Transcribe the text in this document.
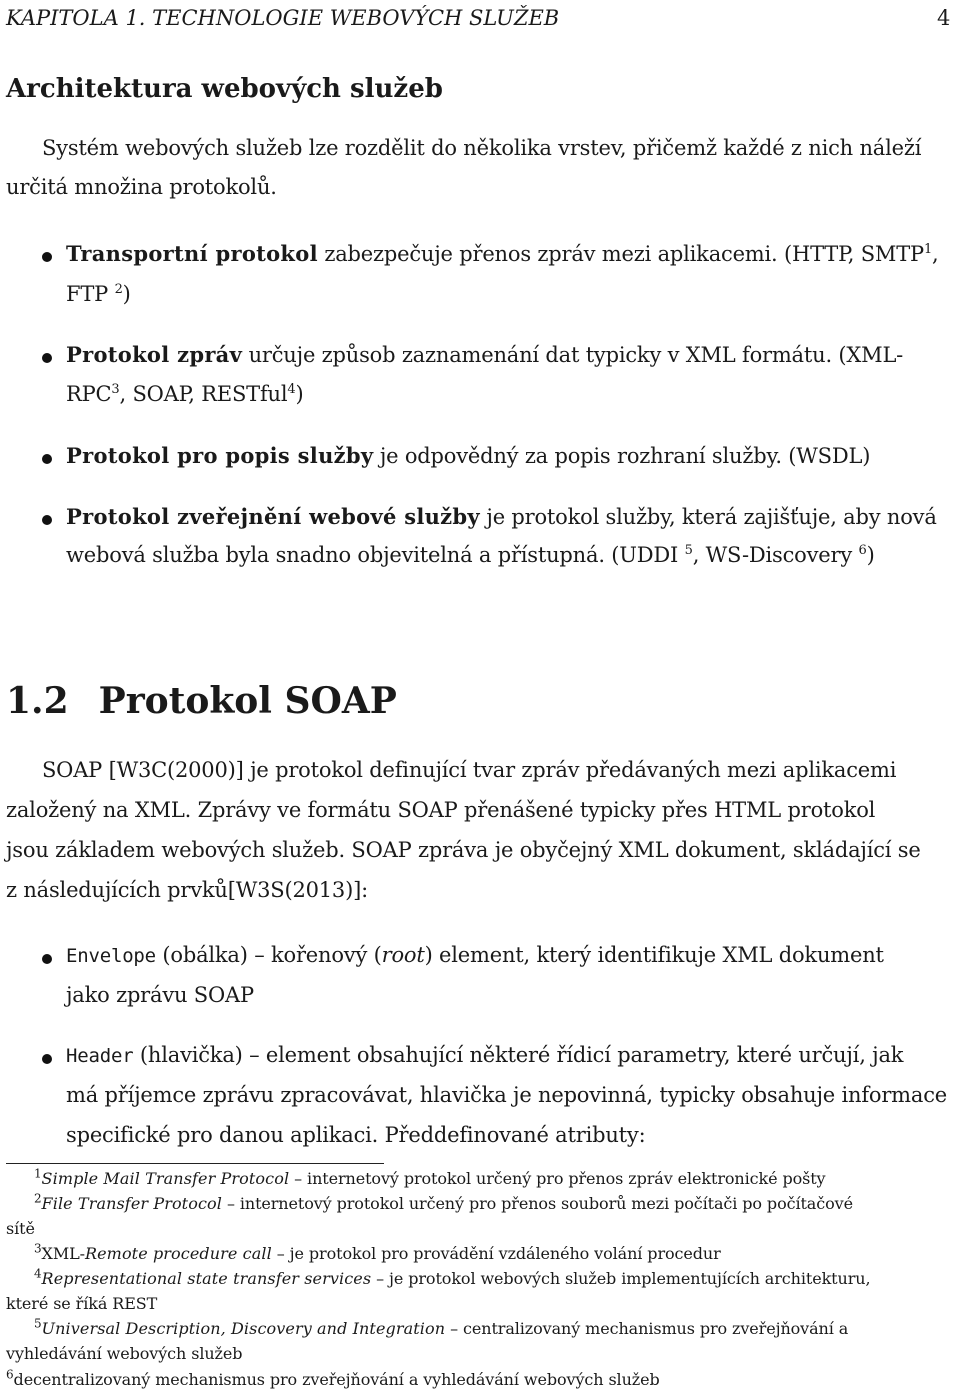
KAPITOLA 1. TECHNOLOGIE WEBOVÝCH SLUŽEB	4
Architektura webových služeb
Systém webových služeb lze rozdělit do několika vrstev, přičemž každé z nich náleží
určitá množina protokolů.
Transportní protokol zabezpečuje přenos zpráv mezi aplikacemi. (HTTP, SMTP$^1$,
FTP $^2$)
Protokol zpráv určuje způsob zaznamenání dat typicky v XML formátu. (XML-
RPC$^3$, SOAP, RESTful$^4$)
Protokol pro popis služby je odpovědný za popis rozhraní služby. (WSDL)
Protokol zveřejnění webové služby je protokol služby, která zajišťuje, aby nová
webová služba byla snadno objevitelná a přístupná. (UDDI $^5$, WS-Discovery $^6$)
1.2 Protokol SOAP
SOAP [W3C(2000)] je protokol definující tvar zpráv předávaných mezi aplikacemi
založený na XML. Zprávy ve formátu SOAP přenášené typicky přes HTML protokol
jsou základem webových služeb. SOAP zpráva je obyčejný XML dokument, skládající se
z následujících prvků[W3S(2013)]:
Envelope (obálka) – kořenový (root) element, který identifikuje XML dokument
jako zprávu SOAP
Header (hlavička) – element obsahující některé řídicí parametry, které určují, jak
má příjemce zprávu zpracovávat, hlavička je nepovinná, typicky obsahuje informace
specifické pro danou aplikaci. Předdefinované atributy:
$^1$Simple Mail Transfer Protocol – internetový protokol určený pro přenos zpráv elektronické pošty
$^2$File Transfer Protocol – internetový protokol určený pro přenos souborů mezi počítači po počítačové
sítě
$^3$XML-Remote procedure call – je protokol pro provádění vzdáleného volání procedur
$^4$Representational state transfer services – je protokol webových služeb implementujících architekturu,
které se říká REST
$^5$Universal Description, Discovery and Integration – centralizovaný mechanismus pro zveřejňování a
vyhledávání webových služeb
$^6$decentralizovaný mechanismus pro zveřejňování a vyhledávání webových služeb
